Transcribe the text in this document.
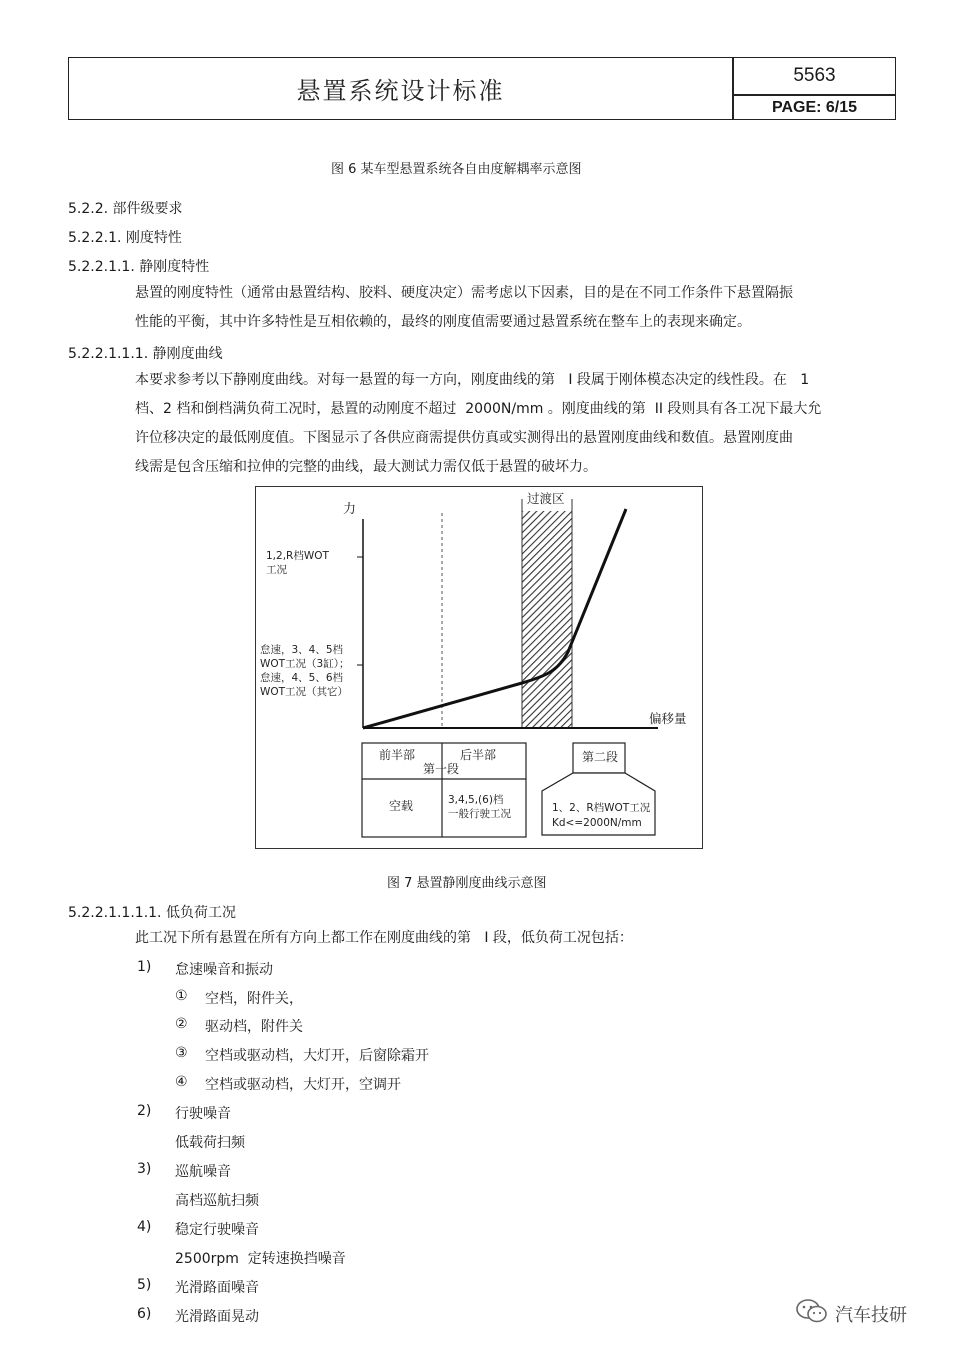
悬置系统设计标准
5563
PAGE: 6/15
图 6 某车型悬置系统各自由度解耦率示意图
5.2.2. 部件级要求
5.2.2.1. 刚度特性
5.2.2.1.1. 静刚度特性
悬置的刚度特性（通常由悬置结构、胶料、硬度决定）需考虑以下因素，目的是在不同工作条件下悬置隔振
性能的平衡，其中许多特性是互相依赖的，最终的刚度值需要通过悬置系统在整车上的表现来确定。
5.2.2.1.1.1. 静刚度曲线
本要求参考以下静刚度曲线。对每一悬置的每一方向，刚度曲线的第   I 段属于刚体模态决定的线性段。在   1
档、2 档和倒档满负荷工况时，悬置的动刚度不超过  2000N/mm 。刚度曲线的第  II 段则具有各工况下最大允
许位移决定的最低刚度值。下图显示了各供应商需提供仿真或实测得出的悬置刚度曲线和数值。悬置刚度曲
线需是包含压缩和拉伸的完整的曲线，最大测试力需仅低于悬置的破坏力。
力
过渡区
偏移量
1,2,R档WOT
工况
怠速，3、4、5档
WOT工况（3缸）；
怠速，4、5、6档
WOT工况（其它）
前半部	后半部
第一段
空载	3,4,5,(6)档
一般行驶工况
第二段
1、2、R档WOT工况
Kd<=2000N/mm
图 7 悬置静刚度曲线示意图
5.2.2.1.1.1.1. 低负荷工况
此工况下所有悬置在所有方向上都工作在刚度曲线的第   I 段，低负荷工况包括：
1) 怠速噪音和振动
① 空档，附件关，
② 驱动档，附件关
③ 空档或驱动档，大灯开，后窗除霜开
④ 空档或驱动档，大灯开，空调开
2) 行驶噪音
低载荷扫频
3) 巡航噪音
高档巡航扫频
4) 稳定行驶噪音
2500rpm  定转速换挡噪音
5) 光滑路面噪音
6) 光滑路面晃动	汽车技研
